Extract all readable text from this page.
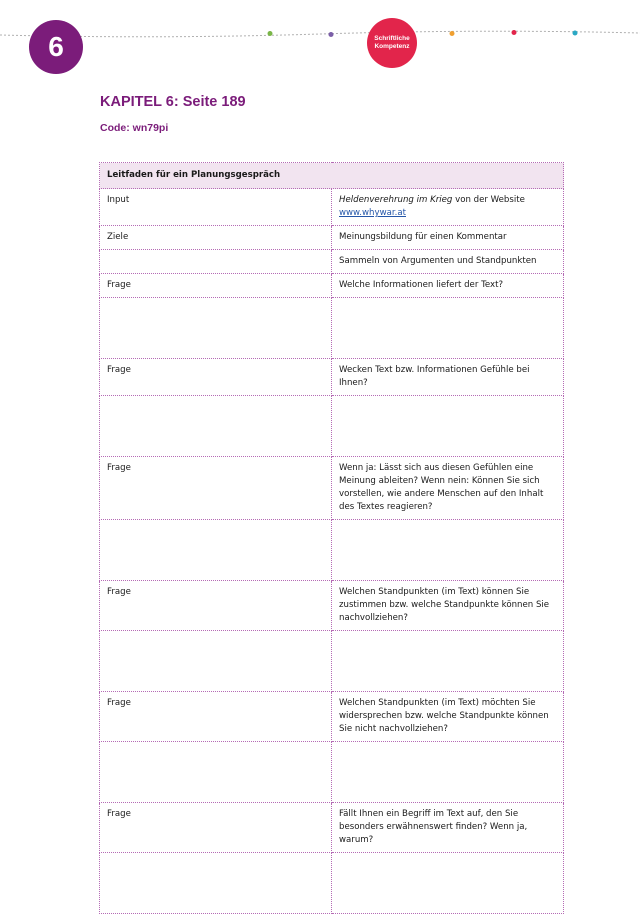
6	Schriftliche
Kompetenz
KAPITEL 6: Seite 189

Code: wn79pi

Leitfaden für ein Planungsgespräch	
Input	Heldenverehrung im Krieg von der Website www.whywar.at
Ziele	Meinungsbildung für einen Kommentar
	Sammeln von Argumenten und Standpunkten
Frage	Welche Informationen liefert der Text?

Frage	Wecken Text bzw. Informationen Gefühle bei Ihnen?

Frage	Wenn ja: Lässt sich aus diesen Gefühlen eine Meinung ableiten? Wenn nein: Können Sie sich vorstellen, wie andere Menschen auf den Inhalt des Textes reagieren?

Frage	Welchen Standpunkten (im Text) können Sie zustimmen bzw. welche Standpunkte können Sie nachvollziehen?

Frage	Welchen Standpunkten (im Text) möchten Sie widersprechen bzw. welche Standpunkte können Sie nicht nachvollziehen?

Frage	Fällt Ihnen ein Begriff im Text auf, den Sie besonders erwähnenswert finden? Wenn ja, warum?
